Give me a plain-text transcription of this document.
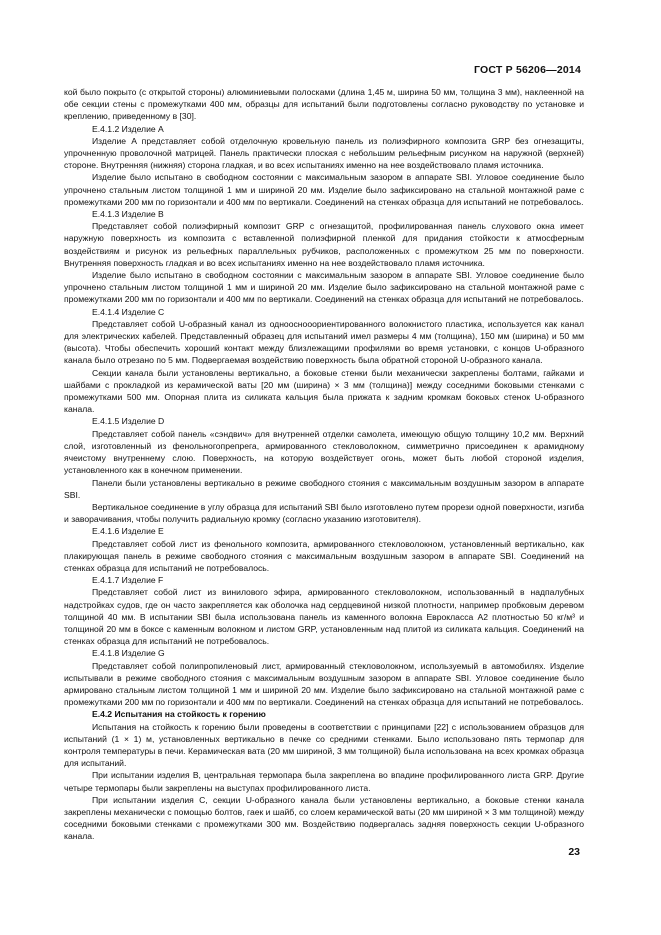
ГОСТ Р 56206—2014

кой было покрыто (с открытой стороны) алюминиевыми полосками (длина 1,45 м, ширина 50 мм, толщина 3 мм), наклеенной на обе секции стены с промежутками 400 мм, образцы для испытаний были подготовлены согласно руководству по установке и креплению, приведенному в [30].

E.4.1.2 Изделие A

Изделие A представляет собой отделочную кровельную панель из полиэфирного композита GRP без огнезащиты, упрочненную проволочной матрицей. Панель практически плоская с небольшим рельефным рисунком на наружной (верхней) стороне. Внутренняя (нижняя) сторона гладкая, и во всех испытаниях именно на нее воздействовало пламя источника.

Изделие было испытано в свободном состоянии с максимальным зазором в аппарате SBI. Угловое соединение было упрочнено стальным листом толщиной 1 мм и шириной 20 мм. Изделие было зафиксировано на стальной монтажной раме с промежутками 200 мм по горизонтали и 400 мм по вертикали. Соединений на стенках образца для испытаний не потребовалось.

E.4.1.3 Изделие B

Представляет собой полиэфирный композит GRP с огнезащитой, профилированная панель слухового окна имеет наружную поверхность из композита с вставленной полиэфирной пленкой для придания стойкости к атмосферным воздействиям и рисунок из рельефных параллельных рубчиков, расположенных с промежутком 25 мм по поверхности. Внутренняя поверхность гладкая и во всех испытаниях именно на нее воздействовало пламя источника.

Изделие было испытано в свободном состоянии с максимальным зазором в аппарате SBI. Угловое соединение было упрочнено стальным листом толщиной 1 мм и шириной 20 мм. Изделие было зафиксировано на стальной монтажной раме с промежутками 200 мм по горизонтали и 400 мм по вертикали. Соединений на стенках образца для испытаний не потребовалось.

E.4.1.4 Изделие C

Представляет собой U-образный канал из однооснооориентированного волокнистого пластика, используется как канал для электрических кабелей. Представленный образец для испытаний имел размеры 4 мм (толщина), 150 мм (ширина) и 50 мм (высота). Чтобы обеспечить хороший контакт между близлежащими профилями во время установки, с концов U-образного канала было отрезано по 5 мм. Подвергаемая воздействию поверхность была обратной стороной U-образного канала.

Секции канала были установлены вертикально, а боковые стенки были механически закреплены болтами, гайками и шайбами с прокладкой из керамической ваты [20 мм (ширина) × 3 мм (толщина)] между соседними боковыми стенками с промежутками 500 мм. Опорная плита из силиката кальция была прижата к задним кромкам боковых стенок U-образного канала.

E.4.1.5 Изделие D

Представляет собой панель «сэндвич» для внутренней отделки самолета, имеющую общую толщину 10,2 мм. Верхний слой, изготовленный из фенольногопрепрега, армированного стекловолокном, симметрично присоединен к арамидному ячеистому внутреннему слою. Поверхность, на которую воздействует огонь, может быть любой стороной изделия, установленного как в конечном применении.

Панели были установлены вертикально в режиме свободного стояния с максимальным воздушным зазором в аппарате SBI.

Вертикальное соединение в углу образца для испытаний SBI было изготовлено путем прорези одной поверхности, изгиба и заворачивания, чтобы получить радиальную кромку (согласно указанию изготовителя).

E.4.1.6 Изделие E

Представляет собой лист из фенольного композита, армированного стекловолокном, установленный вертикально, как плакирующая панель в режиме свободного стояния с максимальным воздушным зазором в аппарате SBI. Соединений на стенках образца для испытаний не потребовалось.

E.4.1.7 Изделие F

Представляет собой лист из винилового эфира, армированного стекловолокном, использованный в надпалубных надстройках судов, где он часто закрепляется как оболочка над сердцевиной низкой плотности, например пробковым деревом толщиной 40 мм. В испытании SBI была использована панель из каменного волокна Еврокласса A2 плотностью 50 кг/м³ и толщиной 20 мм в боксе с каменным волокном и листом GRP, установленным над плитой из силиката кальция. Соединений на стенках образца для испытаний не потребовалось.

E.4.1.8 Изделие G

Представляет собой полипропиленовый лист, армированный стекловолокном, используемый в автомобилях. Изделие испытывали в режиме свободного стояния с максимальным воздушным зазором в аппарате SBI. Угловое соединение было армировано стальным листом толщиной 1 мм и шириной 20 мм. Изделие было зафиксировано на стальной монтажной раме с промежутками 200 мм по горизонтали и 400 мм по вертикали. Соединений на стенках образца для испытаний не потребовалось.

E.4.2 Испытания на стойкость к горению

Испытания на стойкость к горению были проведены в соответствии с принципами [22] с использованием образцов для испытаний (1 × 1) м, установленных вертикально в печке со средними стенками. Было использовано пять термопар для контроля температуры в печи. Керамическая вата (20 мм шириной, 3 мм толщиной) была использована на всех кромках образца для испытаний.

При испытании изделия B, центральная термопара была закреплена во впадине профилированного листа GRP. Другие четыре термопары были закреплены на выступах профилированного листа.

При испытании изделия C, секции U-образного канала были установлены вертикально, а боковые стенки канала закреплены механически с помощью болтов, гаек и шайб, со слоем керамической ваты (20 мм шириной × 3 мм толщиной) между соседними боковыми стенками с промежутками 300 мм. Воздействию подвергалась задняя поверхность секции U-образного канала.

23
